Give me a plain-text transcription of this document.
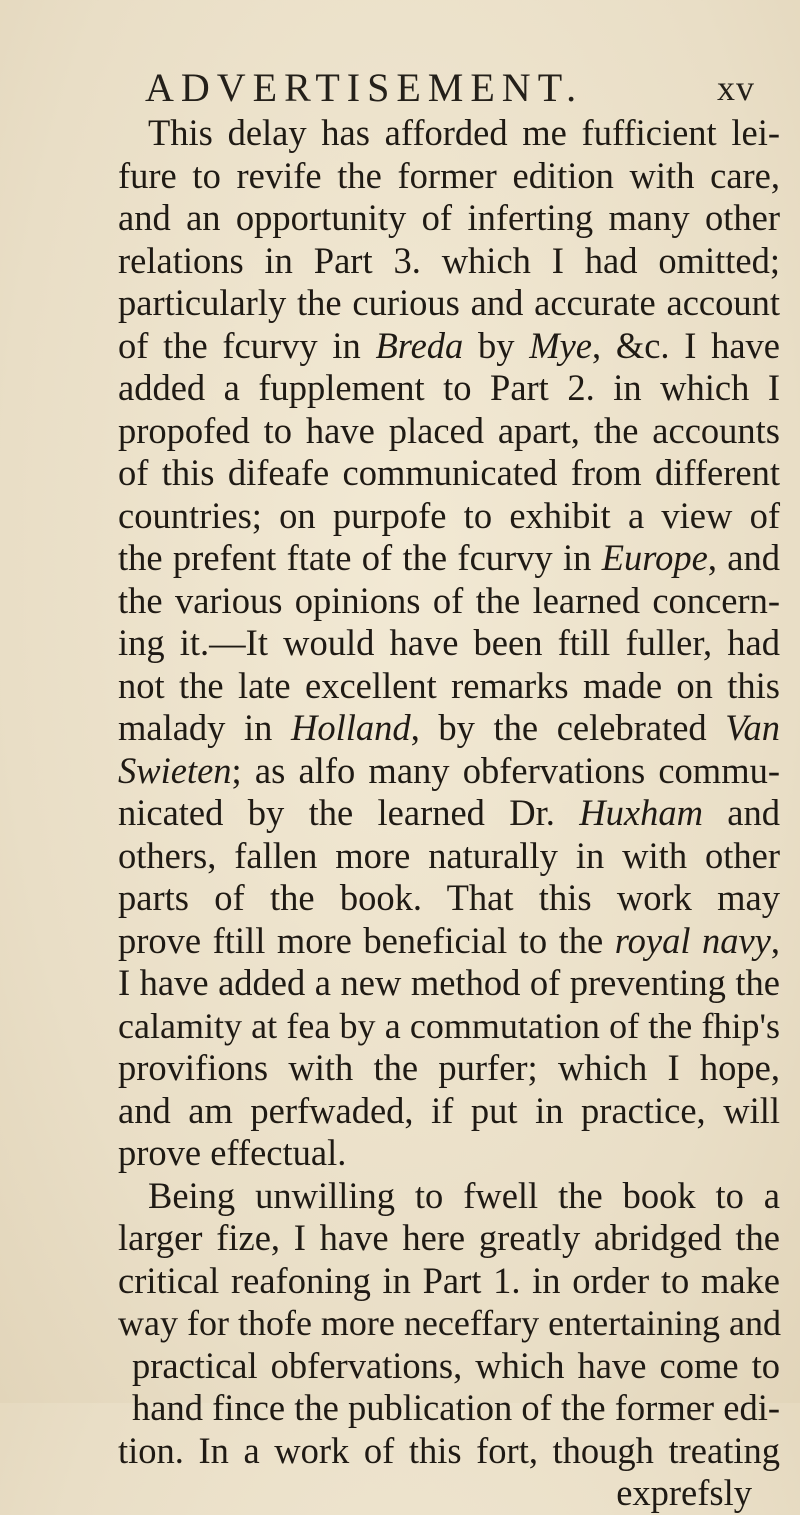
ADVERTISEMENT.	xv
This delay has afforded me fufficient lei-
fure to revife the former edition with care,
and an opportunity of inferting many other
relations in Part 3. which I had omitted;
particularly the curious and accurate account
of the fcurvy in Breda by Mye, &c. I have
added a fupplement to Part 2. in which I
propofed to have placed apart, the accounts
of this difeafe communicated from different
countries; on purpofe to exhibit a view of
the prefent ftate of the fcurvy in Europe, and
the various opinions of the learned concern-
ing it.—It would have been ftill fuller, had
not the late excellent remarks made on this
malady in Holland, by the celebrated Van
Swieten; as alfo many obfervations commu-
nicated by the learned Dr. Huxham and
others, fallen more naturally in with other
parts of the book. That this work may
prove ftill more beneficial to the royal navy,
I have added a new method of preventing the
calamity at fea by a commutation of the fhip's
provifions with the purfer; which I hope,
and am perfwaded, if put in practice, will
prove effectual.
Being unwilling to fwell the book to a
larger fize, I have here greatly abridged the
critical reafoning in Part 1. in order to make
way for thofe more neceffary entertaining and
practical obfervations, which have come to
hand fince the publication of the former edi-
tion. In a work of this fort, though treating
exprefsly
